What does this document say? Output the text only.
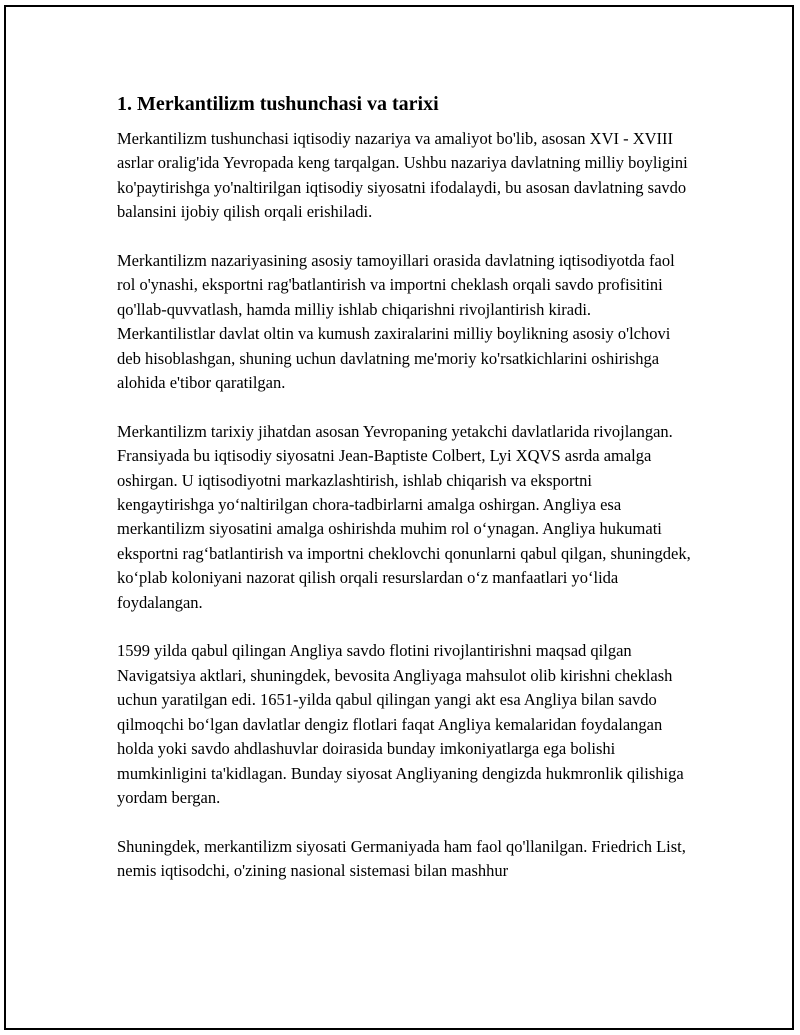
1. Merkantilizm tushunchasi va tarixi

Merkantilizm tushunchasi iqtisodiy nazariya va amaliyot bo'lib, asosan XVI - XVIII asrlar oralig'ida Yevropada keng tarqalgan. Ushbu nazariya davlatning milliy boyligini ko'paytirishga yo'naltirilgan iqtisodiy siyosatni ifodalaydi, bu asosan davlatning savdo balansini ijobiy qilish orqali erishiladi.

Merkantilizm nazariyasining asosiy tamoyillari orasida davlatning iqtisodiyotda faol rol o'ynashi, eksportni rag'batlantirish va importni cheklash orqali savdo profisitini qo'llab-quvvatlash, hamda milliy ishlab chiqarishni rivojlantirish kiradi. Merkantilistlar davlat oltin va kumush zaxiralarini milliy boylikning asosiy o'lchovi deb hisoblashgan, shuning uchun davlatning me'moriy ko'rsatkichlarini oshirishga alohida e'tibor qaratilgan.

Merkantilizm tarixiy jihatdan asosan Yevropaning yetakchi davlatlarida rivojlangan. Fransiyada bu iqtisodiy siyosatni Jean-Baptiste Colbert, Lyi XQVS asrda amalga oshirgan. U iqtisodiyotni markazlashtirish, ishlab chiqarish va eksportni kengaytirishga yo‘naltirilgan chora-tadbirlarni amalga oshirgan. Angliya esa merkantilizm siyosatini amalga oshirishda muhim rol o‘ynagan. Angliya hukumati eksportni rag‘batlantirish va importni cheklovchi qonunlarni qabul qilgan, shuningdek, ko‘plab koloniyani nazorat qilish orqali resurslardan o‘z manfaatlari yo‘lida foydalangan.

1599 yilda qabul qilingan Angliya savdo flotini rivojlantirishni maqsad qilgan Navigatsiya aktlari, shuningdek, bevosita Angliyaga mahsulot olib kirishni cheklash uchun yaratilgan edi. 1651-yilda qabul qilingan yangi akt esa Angliya bilan savdo qilmoqchi bo‘lgan davlatlar dengiz flotlari faqat Angliya kemalaridan foydalangan holda yoki savdo ahdlashuvlar doirasida bunday imkoniyatlarga ega bolishi mumkinligini ta'kidlagan. Bunday siyosat Angliyaning dengizda hukmronlik qilishiga yordam bergan.

Shuningdek, merkantilizm siyosati Germaniyada ham faol qo'llanilgan. Friedrich List, nemis iqtisodchi, o'zining nasional sistemasi bilan mashhur
